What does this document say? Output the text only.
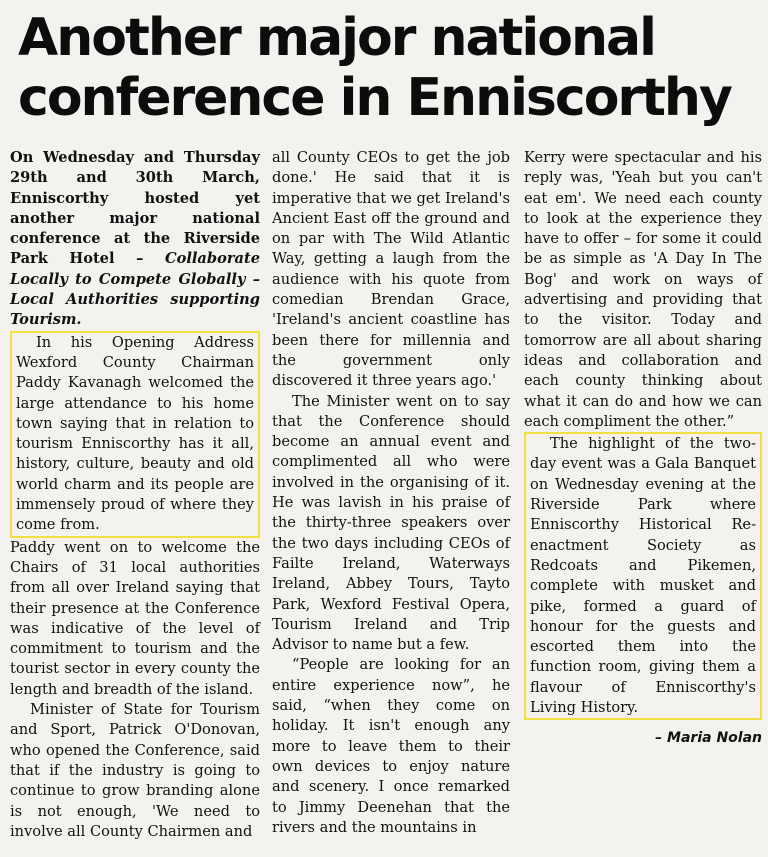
Another major national conference in Enniscorthy

On Wednesday and Thursday 29th and 30th March, Enniscorthy hosted yet another major national conference at the Riverside Park Hotel – Collaborate Locally to Compete Globally – Local Authorities supporting Tourism.

In his Opening Address Wexford County Chairman Paddy Kavanagh welcomed the large attendance to his home town saying that in relation to tourism Enniscorthy has it all, history, culture, beauty and old world charm and its people are immensely proud of where they come from.

Paddy went on to welcome the Chairs of 31 local authorities from all over Ireland saying that their presence at the Conference was indicative of the level of commitment to tourism and the tourist sector in every county the length and breadth of the island.

Minister of State for Tourism and Sport, Patrick O'Donovan, who opened the Conference, said that if the industry is going to continue to grow branding alone is not enough, 'We need to involve all County Chairmen and

all County CEOs to get the job done.' He said that it is imperative that we get Ireland's Ancient East off the ground and on par with The Wild Atlantic Way, getting a laugh from the audience with his quote from comedian Brendan Grace, 'Ireland's ancient coastline has been there for millennia and the government only discovered it three years ago.'

The Minister went on to say that the Conference should become an annual event and complimented all who were involved in the organising of it. He was lavish in his praise of the thirty-three speakers over the two days including CEOs of Failte Ireland, Waterways Ireland, Abbey Tours, Tayto Park, Wexford Festival Opera, Tourism Ireland and Trip Advisor to name but a few.

“People are looking for an entire experience now”, he said, “when they come on holiday. It isn't enough any more to leave them to their own devices to enjoy nature and scenery. I once remarked to Jimmy Deenehan that the rivers and the mountains in

Kerry were spectacular and his reply was, 'Yeah but you can't eat em'. We need each county to look at the experience they have to offer – for some it could be as simple as 'A Day In The Bog' and work on ways of advertising and providing that to the visitor. Today and tomorrow are all about sharing ideas and collaboration and each county thinking about what it can do and how we can each compliment the other.”

The highlight of the two-day event was a Gala Banquet on Wednesday evening at the Riverside Park where Enniscorthy Historical Re-enactment Society as Redcoats and Pikemen, complete with musket and pike, formed a guard of honour for the guests and escorted them into the function room, giving them a flavour of Enniscorthy's Living History.

– Maria Nolan
